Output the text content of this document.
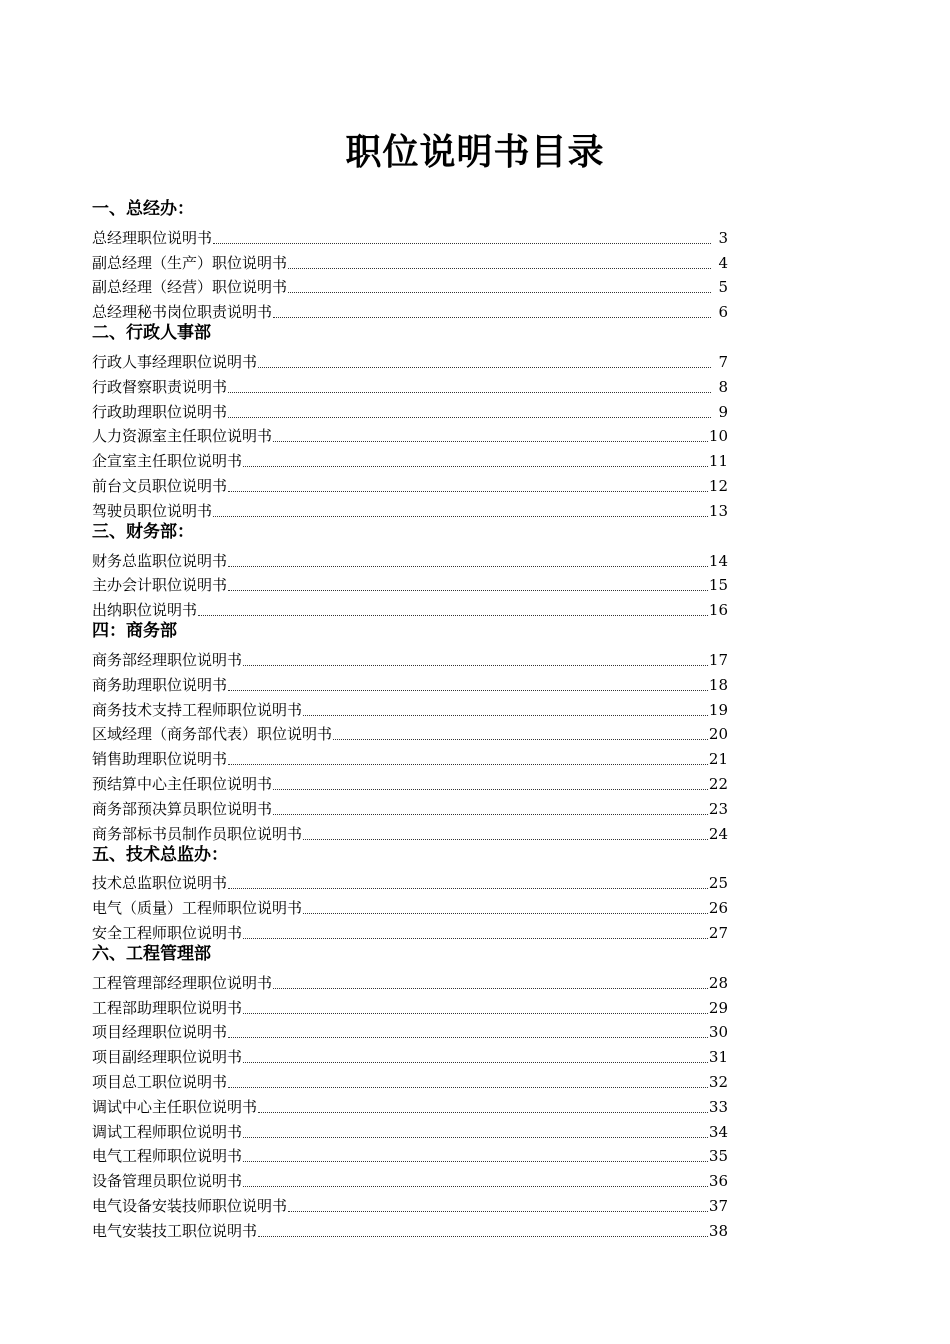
职位说明书目录
一、总经办：
总经理职位说明书	3
副总经理（生产）职位说明书	4
副总经理（经营）职位说明书	5
总经理秘书岗位职责说明书	6
二、行政人事部
行政人事经理职位说明书	7
行政督察职责说明书	8
行政助理职位说明书	9
人力资源室主任职位说明书	10
企宣室主任职位说明书	11
前台文员职位说明书	12
驾驶员职位说明书	13
三、财务部：
财务总监职位说明书	14
主办会计职位说明书	15
出纳职位说明书	16
四：商务部
商务部经理职位说明书	17
商务助理职位说明书	18
商务技术支持工程师职位说明书	19
区域经理（商务部代表）职位说明书	20
销售助理职位说明书	21
预结算中心主任职位说明书	22
商务部预决算员职位说明书	23
商务部标书员制作员职位说明书	24
五、技术总监办：
技术总监职位说明书	25
电气（质量）工程师职位说明书	26
安全工程师职位说明书	27
六、工程管理部
工程管理部经理职位说明书	28
工程部助理职位说明书	29
项目经理职位说明书	30
项目副经理职位说明书	31
项目总工职位说明书	32
调试中心主任职位说明书	33
调试工程师职位说明书	34
电气工程师职位说明书	35
设备管理员职位说明书	36
电气设备安装技师职位说明书	37
电气安装技工职位说明书	38
